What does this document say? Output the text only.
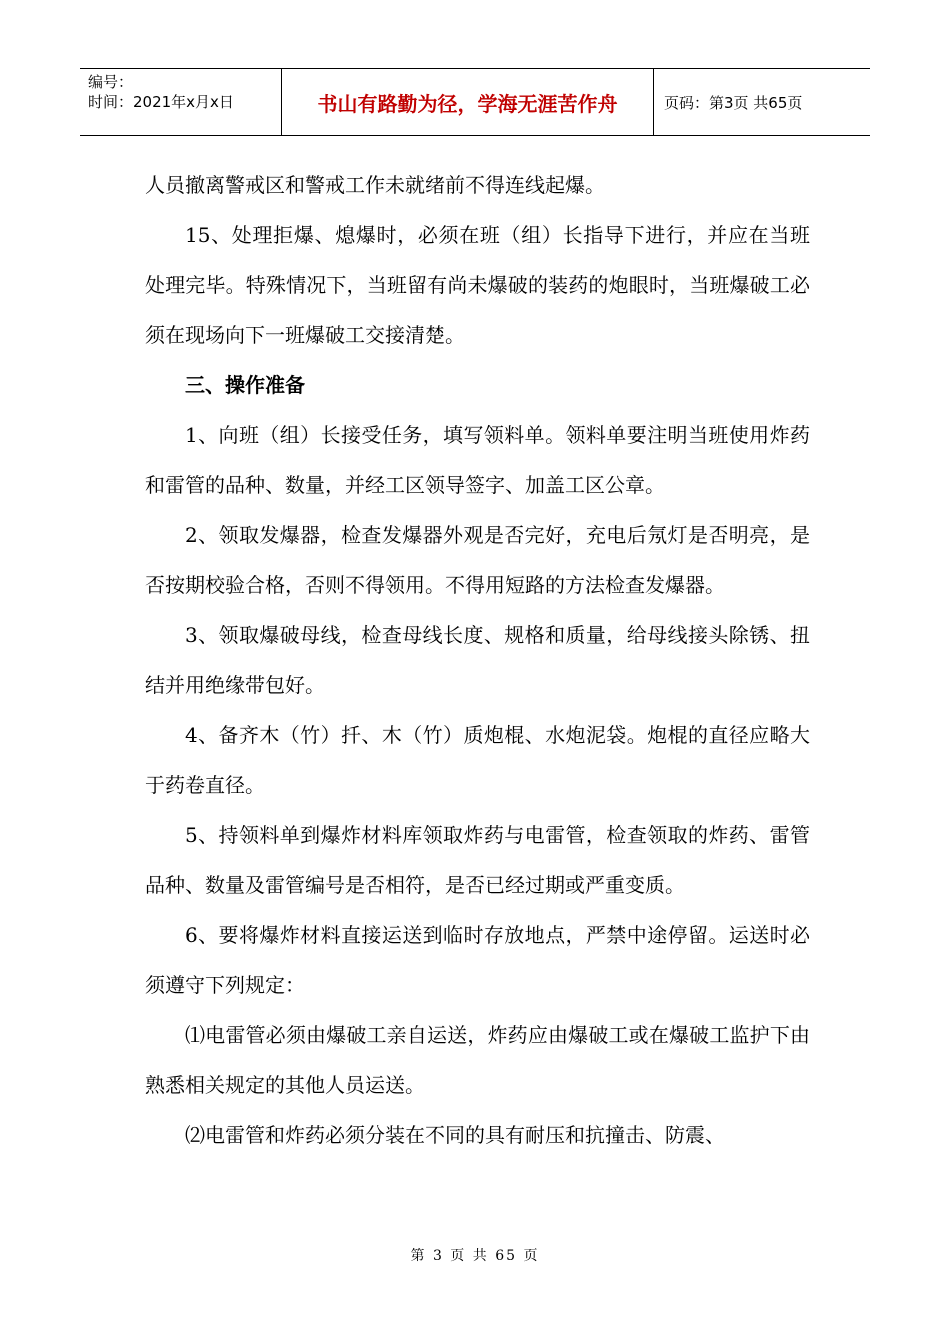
编号：
时间：2021年x月x日	书山有路勤为径，学海无涯苦作舟	页码：第3页 共65页

人员撤离警戒区和警戒工作未就绪前不得连线起爆。

15、处理拒爆、熄爆时，必须在班（组）长指导下进行，并应在当班处理完毕。特殊情况下，当班留有尚未爆破的装药的炮眼时，当班爆破工必须在现场向下一班爆破工交接清楚。

三、操作准备

1、向班（组）长接受任务，填写领料单。领料单要注明当班使用炸药和雷管的品种、数量，并经工区领导签字、加盖工区公章。

2、领取发爆器，检查发爆器外观是否完好，充电后氖灯是否明亮，是否按期校验合格，否则不得领用。不得用短路的方法检查发爆器。

3、领取爆破母线，检查母线长度、规格和质量，给母线接头除锈、扭结并用绝缘带包好。

4、备齐木（竹）扦、木（竹）质炮棍、水炮泥袋。炮棍的直径应略大于药卷直径。

5、持领料单到爆炸材料库领取炸药与电雷管，检查领取的炸药、雷管品种、数量及雷管编号是否相符，是否已经过期或严重变质。

6、要将爆炸材料直接运送到临时存放地点，严禁中途停留。运送时必须遵守下列规定：

⑴电雷管必须由爆破工亲自运送，炸药应由爆破工或在爆破工监护下由熟悉相关规定的其他人员运送。

⑵电雷管和炸药必须分装在不同的具有耐压和抗撞击、防震、

第 3 页 共 65 页
